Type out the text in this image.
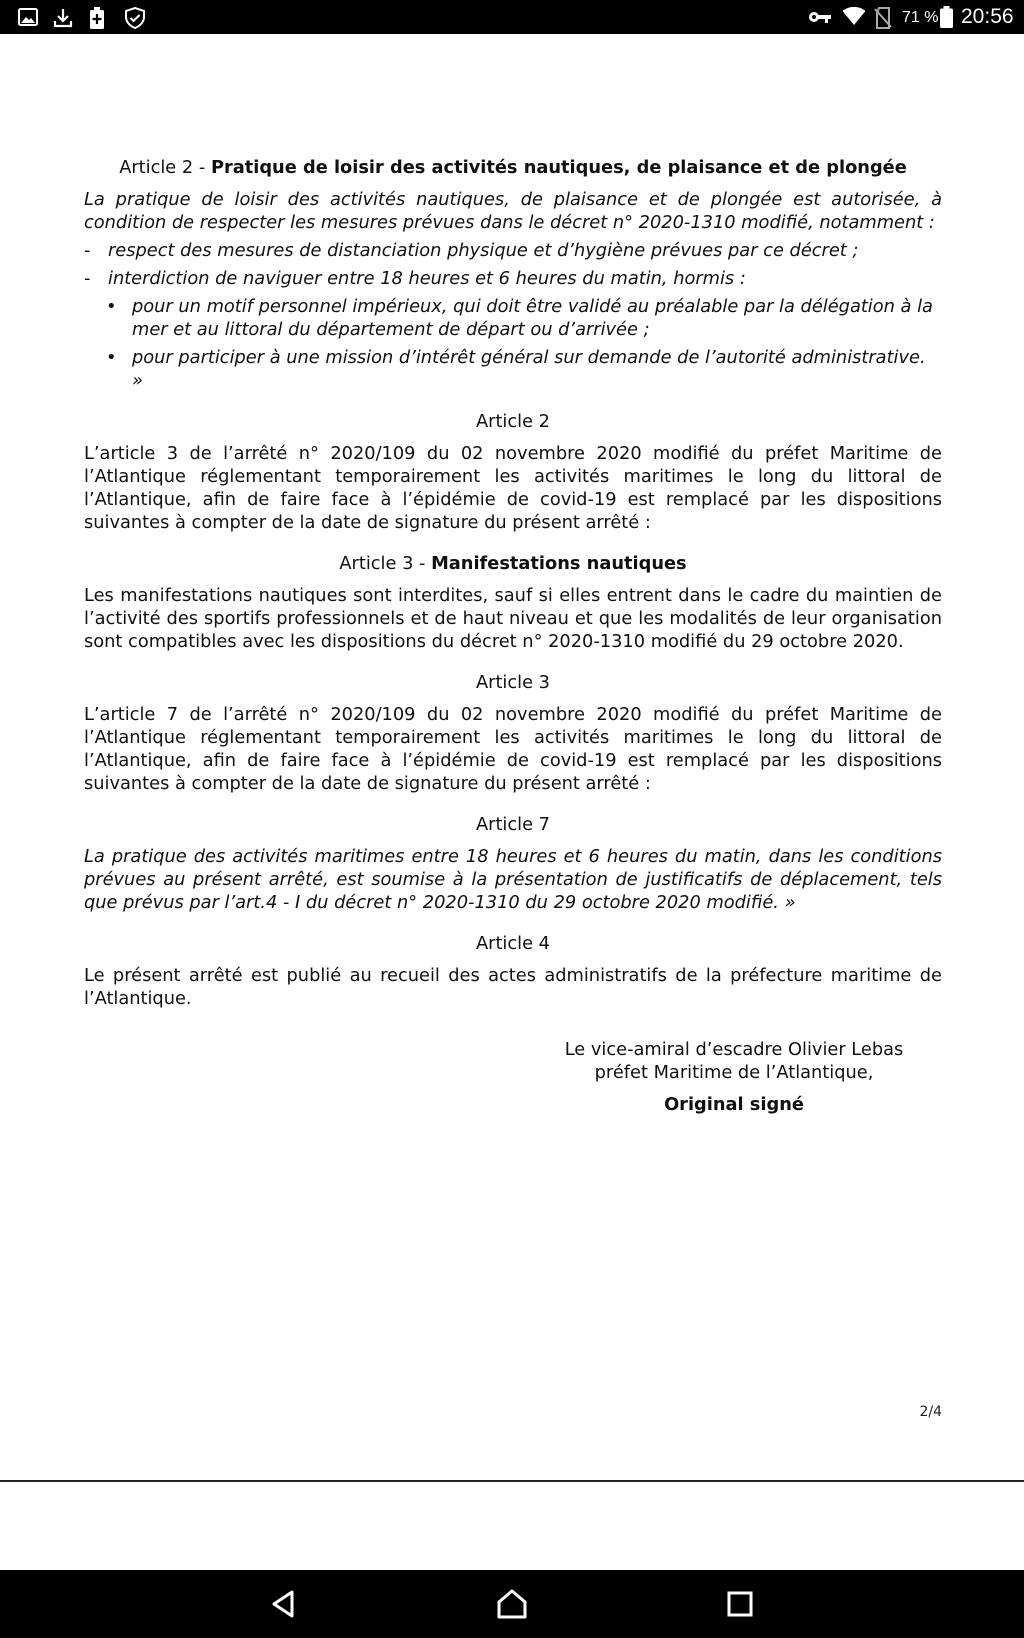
71 % 20:56
Article 2 - Pratique de loisir des activités nautiques, de plaisance et de plongée

La pratique de loisir des activités nautiques, de plaisance et de plongée est autorisée, à condition de respecter les mesures prévues dans le décret n° 2020-1310 modifié, notamment :

- respect des mesures de distanciation physique et d’hygiène prévues par ce décret ;
- interdiction de naviguer entre 18 heures et 6 heures du matin, hormis :
• pour un motif personnel impérieux, qui doit être validé au préalable par la délégation à la mer et au littoral du département de départ ou d’arrivée ;
• pour participer à une mission d’intérêt général sur demande de l’autorité administrative. »
Article 2

L’article 3 de l’arrêté n° 2020/109 du 02 novembre 2020 modifié du préfet Maritime de l’Atlantique réglementant temporairement les activités maritimes le long du littoral de l’Atlantique, afin de faire face à l’épidémie de covid-19 est remplacé par les dispositions suivantes à compter de la date de signature du présent arrêté :

Article 3 - Manifestations nautiques

Les manifestations nautiques sont interdites, sauf si elles entrent dans le cadre du maintien de l’activité des sportifs professionnels et de haut niveau et que les modalités de leur organisation sont compatibles avec les dispositions du décret n° 2020-1310 modifié du 29 octobre 2020.

Article 3

L’article 7 de l’arrêté n° 2020/109 du 02 novembre 2020 modifié du préfet Maritime de l’Atlantique réglementant temporairement les activités maritimes le long du littoral de l’Atlantique, afin de faire face à l’épidémie de covid-19 est remplacé par les dispositions suivantes à compter de la date de signature du présent arrêté :

Article 7

La pratique des activités maritimes entre 18 heures et 6 heures du matin, dans les conditions prévues au présent arrêté, est soumise à la présentation de justificatifs de déplacement, tels que prévus par l’art.4 - I du décret n° 2020-1310 du 29 octobre 2020 modifié. »

Article 4

Le présent arrêté est publié au recueil des actes administratifs de la préfecture maritime de l’Atlantique.

Le vice-amiral d’escadre Olivier Lebas
préfet Maritime de l’Atlantique,
Original signé
2/4
